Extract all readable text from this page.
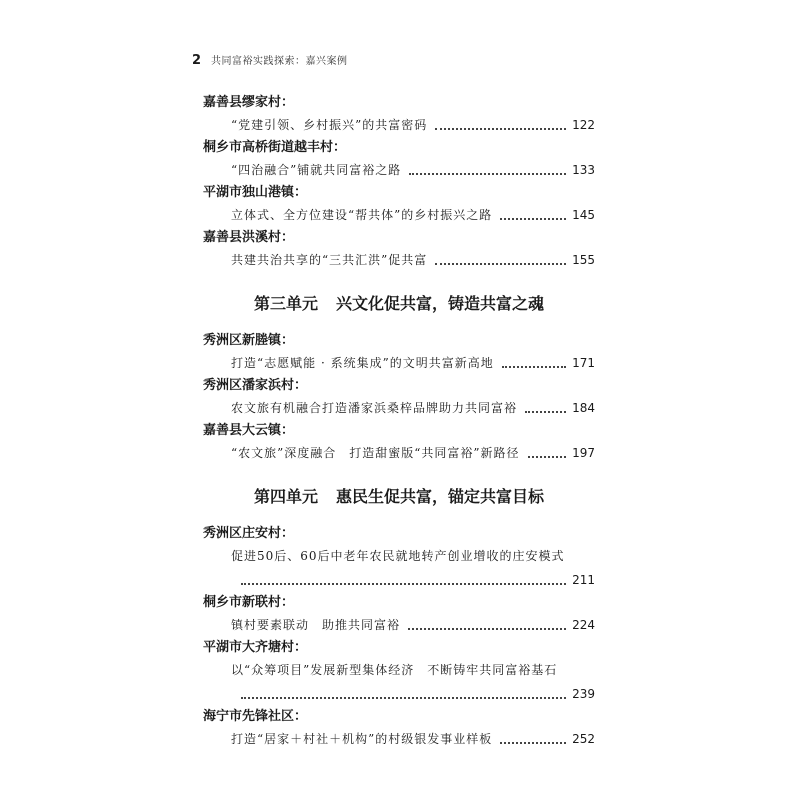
2 共同富裕实践探索：嘉兴案例
嘉善县缪家村：
“党建引领、乡村振兴”的共富密码	122
桐乡市高桥街道越丰村：
“四治融合”铺就共同富裕之路	133
平湖市独山港镇：
立体式、全方位建设“帮共体”的乡村振兴之路	145
嘉善县洪溪村：
共建共治共享的“三共汇洪”促共富	155
第三单元 兴文化促共富，铸造共富之魂
秀洲区新塍镇：
打造“志愿赋能 · 系统集成”的文明共富新高地	171
秀洲区潘家浜村：
农文旅有机融合打造潘家浜桑梓品牌助力共同富裕	184
嘉善县大云镇：
“农文旅”深度融合　打造甜蜜版“共同富裕”新路径	197
第四单元 惠民生促共富，锚定共富目标
秀洲区庄安村：
促进50后、60后中老年农民就地转产创业增收的庄安模式
211
桐乡市新联村：
镇村要素联动　助推共同富裕	224
平湖市大齐塘村：
以“众筹项目”发展新型集体经济　不断铸牢共同富裕基石
239
海宁市先锋社区：
打造“居家＋村社＋机构”的村级银发事业样板	252
